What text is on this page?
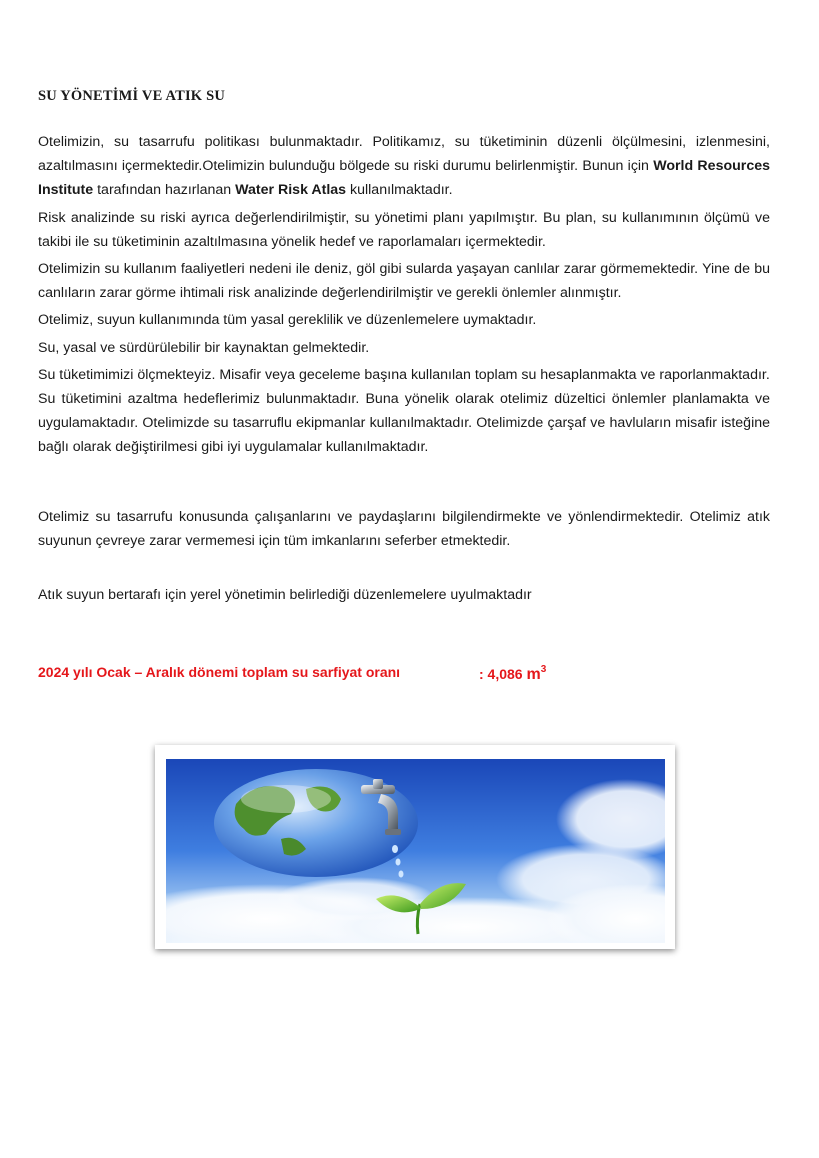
SU YÖNETİMİ VE ATIK SU

Otelimizin, su tasarrufu politikası bulunmaktadır. Politikamız, su tüketiminin düzenli ölçülmesini, izlenmesini, azaltılmasını içermektedir.Otelimizin bulunduğu bölgede su riski durumu belirlenmiştir. Bunun için World Resources Institute tarafından hazırlanan Water Risk Atlas kullanılmaktadır.

Risk analizinde su riski ayrıca değerlendirilmiştir, su yönetimi planı yapılmıştır. Bu plan, su kullanımının ölçümü ve takibi ile su tüketiminin azaltılmasına yönelik hedef ve raporlamaları içermektedir.

Otelimizin su kullanım faaliyetleri nedeni ile deniz, göl gibi sularda yaşayan canlılar zarar görmemektedir. Yine de bu canlıların zarar görme ihtimali risk analizinde değerlendirilmiştir ve gerekli önlemler alınmıştır.

Otelimiz, suyun kullanımında tüm yasal gereklilik ve düzenlemelere uymaktadır.

Su, yasal ve sürdürülebilir bir kaynaktan gelmektedir.

Su tüketimimizi ölçmekteyiz. Misafir veya geceleme başına kullanılan toplam su hesaplanmakta ve raporlanmaktadır.

Su tüketimini azaltma hedeflerimiz bulunmaktadır. Buna yönelik olarak otelimiz düzeltici önlemler planlamakta ve uygulamaktadır. Otelimizde su tasarruflu ekipmanlar kullanılmaktadır. Otelimizde çarşaf ve havluların misafir isteğine bağlı olarak değiştirilmesi gibi iyi uygulamalar kullanılmaktadır.

Otelimiz su tasarrufu konusunda çalışanlarını ve paydaşlarını bilgilendirmekte ve yönlendirmektedir. Otelimiz atık suyunun çevreye zarar vermemesi için tüm imkanlarını seferber etmektedir.

Atık suyun bertarafı için yerel yönetimin belirlediği düzenlemelere uyulmaktadır

2024 yılı Ocak – Aralık dönemi toplam su sarfiyat oranı	: 4,086 $m^3$
